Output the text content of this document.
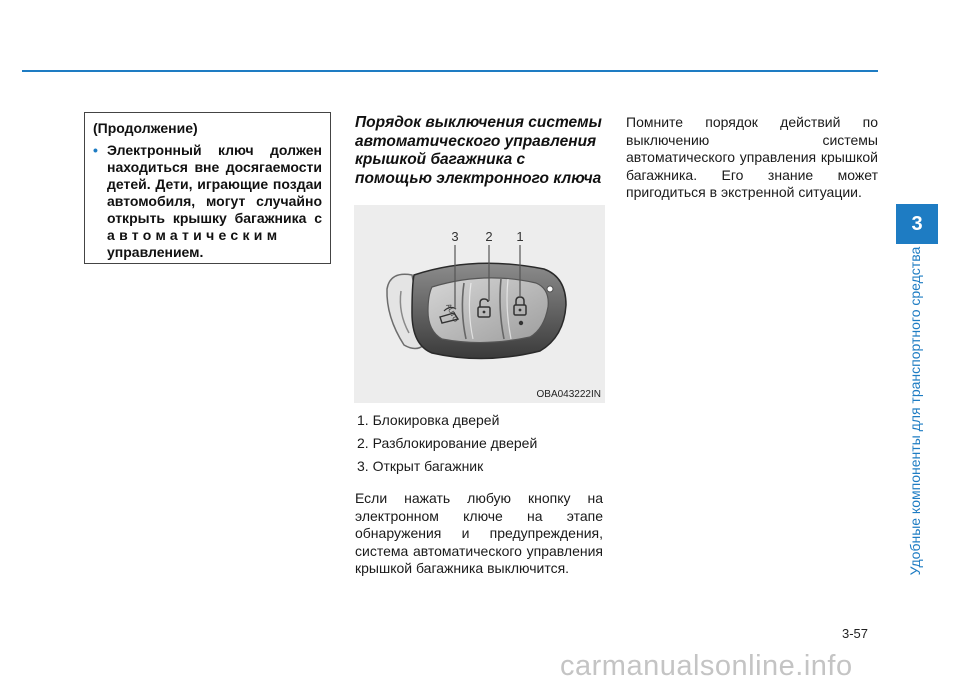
(Продолжение)
• Электронный ключ должен находиться вне досягаемости детей. Дети, играющие поздаи автомобиля, могут случайно открыть крышку багажника с автоматическим управлением.
Порядок выключения системы автоматического управления крышкой багажника с помощью электронного ключа
AUTO
3 2 1
OBA043222IN
1. Блокировка дверей
2. Разблокирование дверей
3. Открыт багажник

Если нажать любую кнопку на электронном ключе на этапе обнаружения и предупреждения, система автоматического управления крышкой багажника выключится.

Помните порядок действий по выключению системы автоматического управления крышкой багажника. Его знание может пригодиться в экстренной ситуации.

3
Удобные компоненты для транспортного средства
3-57
carmanualsonline.info
